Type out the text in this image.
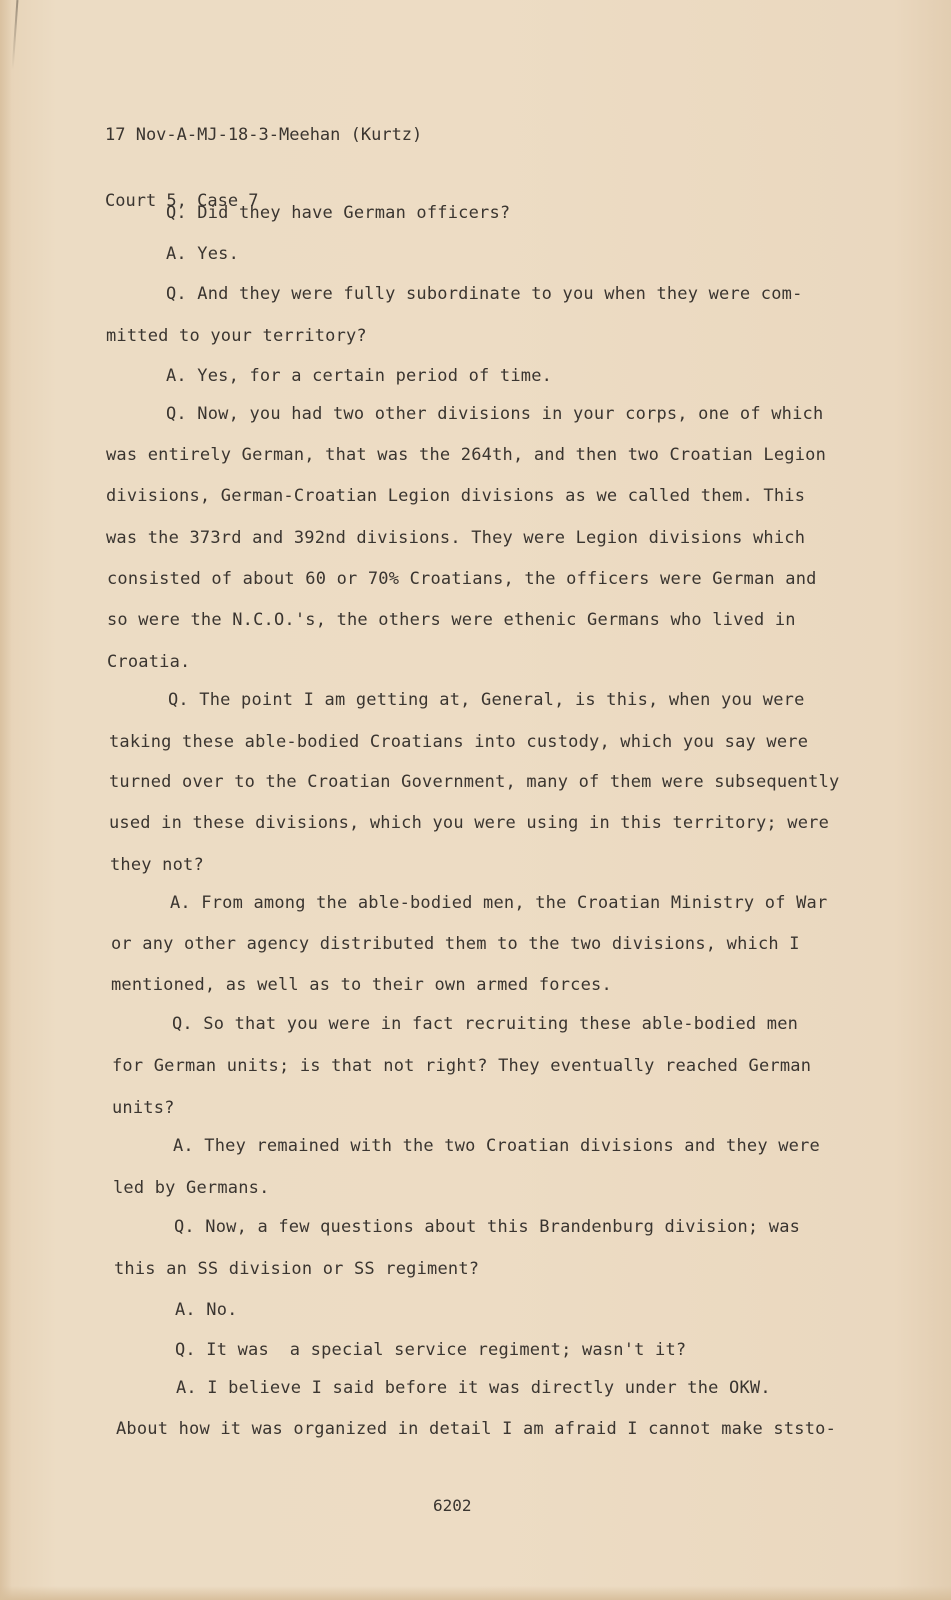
17 Nov-A-MJ-18-3-Meehan (Kurtz)

Court 5, Case 7

Q. Did they have German officers?
A. Yes.
Q. And they were fully subordinate to you when they were com-
mitted to your territory?
A. Yes, for a certain period of time.
Q. Now, you had two other divisions in your corps, one of which
was entirely German, that was the 264th, and then two Croatian Legion
divisions, German-Croatian Legion divisions as we called them. This
was the 373rd and 392nd divisions. They were Legion divisions which
consisted of about 60 or 70% Croatians, the officers were German and
so were the N.C.O.'s, the others were ethenic Germans who lived in
Croatia.
Q. The point I am getting at, General, is this, when you were
taking these able-bodied Croatians into custody, which you say were
turned over to the Croatian Government, many of them were subsequently
used in these divisions, which you were using in this territory; were
they not?
A. From among the able-bodied men, the Croatian Ministry of War
or any other agency distributed them to the two divisions, which I
mentioned, as well as to their own armed forces.
Q. So that you were in fact recruiting these able-bodied men
for German units; is that not right? They eventually reached German
units?
A. They remained with the two Croatian divisions and they were
led by Germans.
Q. Now, a few questions about this Brandenburg division; was
this an SS division or SS regiment?
A. No.
Q. It was  a special service regiment; wasn't it?
A. I believe I said before it was directly under the OKW.
About how it was organized in detail I am afraid I cannot make ststo-
6202
